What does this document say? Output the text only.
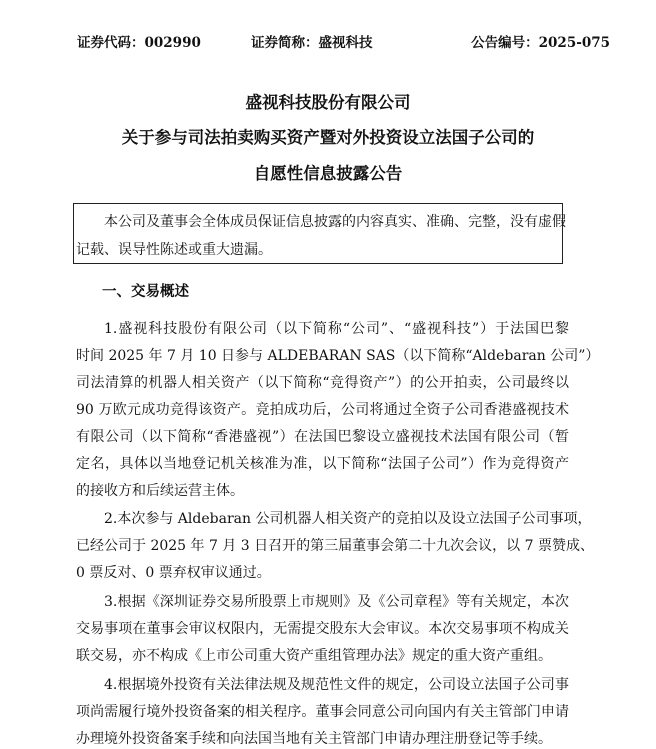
证券代码：002990	证券简称：盛视科技	公告编号：2025-075
盛视科技股份有限公司
关于参与司法拍卖购买资产暨对外投资设立法国子公司的
自愿性信息披露公告
本公司及董事会全体成员保证信息披露的内容真实、准确、完整，没有虚假
记载、误导性陈述或重大遗漏。
一、交易概述
1.盛视科技股份有限公司（以下简称“公司”、“盛视科技”）于法国巴黎
时间 2025 年 7 月 10 日参与 ALDEBARAN SAS（以下简称“Aldebaran 公司”）
司法清算的机器人相关资产（以下简称“竞得资产”）的公开拍卖，公司最终以
90 万欧元成功竞得该资产。竞拍成功后，公司将通过全资子公司香港盛视技术
有限公司（以下简称“香港盛视”）在法国巴黎设立盛视技术法国有限公司（暂
定名，具体以当地登记机关核准为准，以下简称“法国子公司”）作为竞得资产
的接收方和后续运营主体。
2.本次参与 Aldebaran 公司机器人相关资产的竞拍以及设立法国子公司事项，
已经公司于 2025 年 7 月 3 日召开的第三届董事会第二十九次会议，以 7 票赞成、
0 票反对、0 票弃权审议通过。
3.根据《深圳证券交易所股票上市规则》及《公司章程》等有关规定，本次
交易事项在董事会审议权限内，无需提交股东大会审议。本次交易事项不构成关
联交易，亦不构成《上市公司重大资产重组管理办法》规定的重大资产重组。
4.根据境外投资有关法律法规及规范性文件的规定，公司设立法国子公司事
项尚需履行境外投资备案的相关程序。董事会同意公司向国内有关主管部门申请
办理境外投资备案手续和向法国当地有关主管部门申请办理注册登记等手续。
